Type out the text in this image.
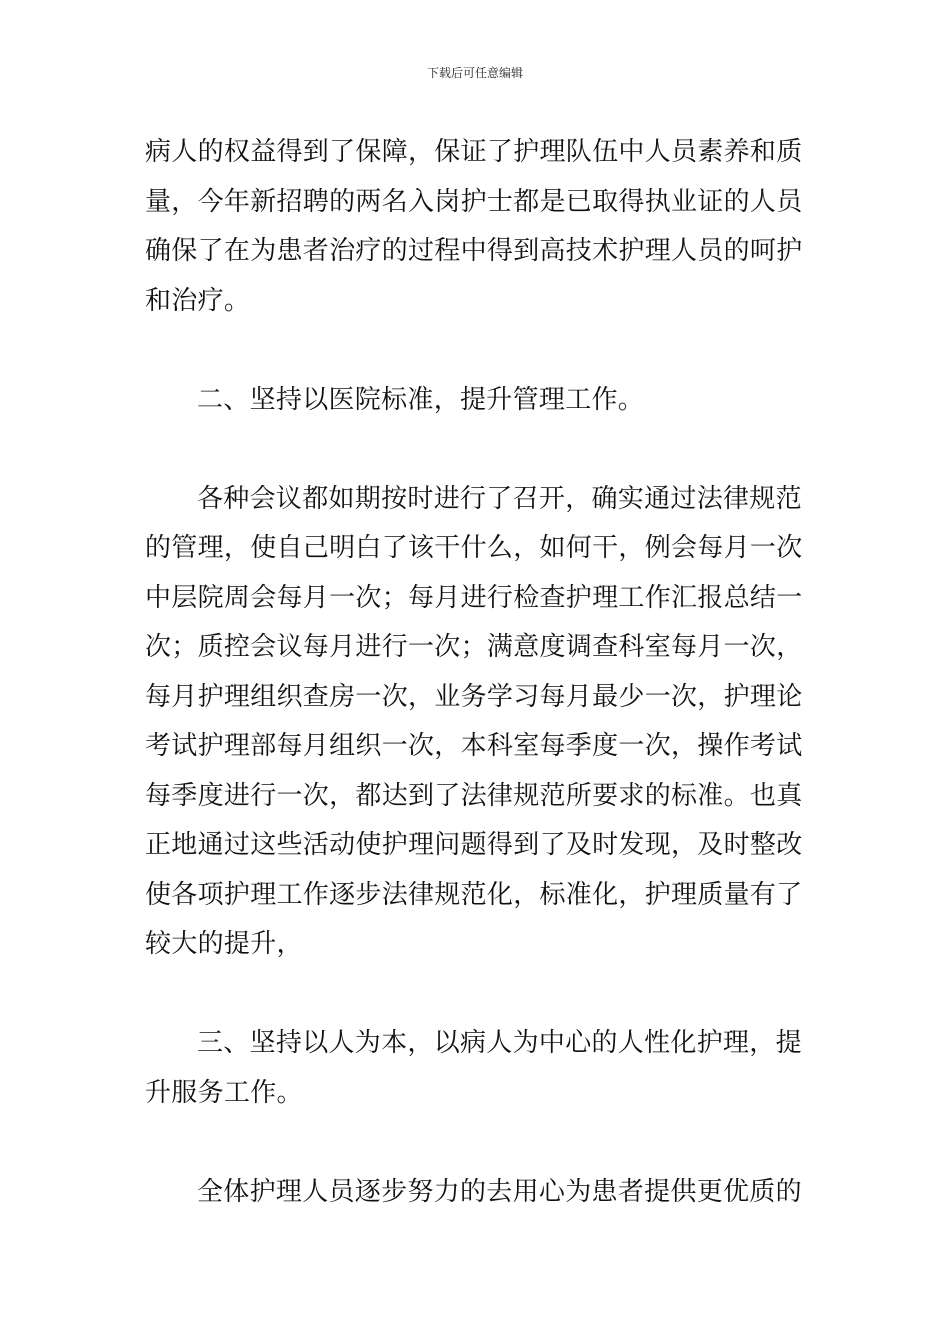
下载后可任意编辑
病人的权益得到了保障，保证了护理队伍中人员素养和质
量，今年新招聘的两名入岗护士都是已取得执业证的人员
确保了在为患者治疗的过程中得到高技术护理人员的呵护
和治疗。
二、坚持以医院标准，提升管理工作。
各种会议都如期按时进行了召开，确实通过法律规范
的管理，使自己明白了该干什么，如何干，例会每月一次
中层院周会每月一次；每月进行检查护理工作汇报总结一
次；质控会议每月进行一次；满意度调查科室每月一次，
每月护理组织查房一次，业务学习每月最少一次，护理论
考试护理部每月组织一次，本科室每季度一次，操作考试
每季度进行一次，都达到了法律规范所要求的标准。也真
正地通过这些活动使护理问题得到了及时发现，及时整改
使各项护理工作逐步法律规范化，标准化，护理质量有了
较大的提升，
三、坚持以人为本，以病人为中心的人性化护理，提
升服务工作。
全体护理人员逐步努力的去用心为患者提供更优质的
